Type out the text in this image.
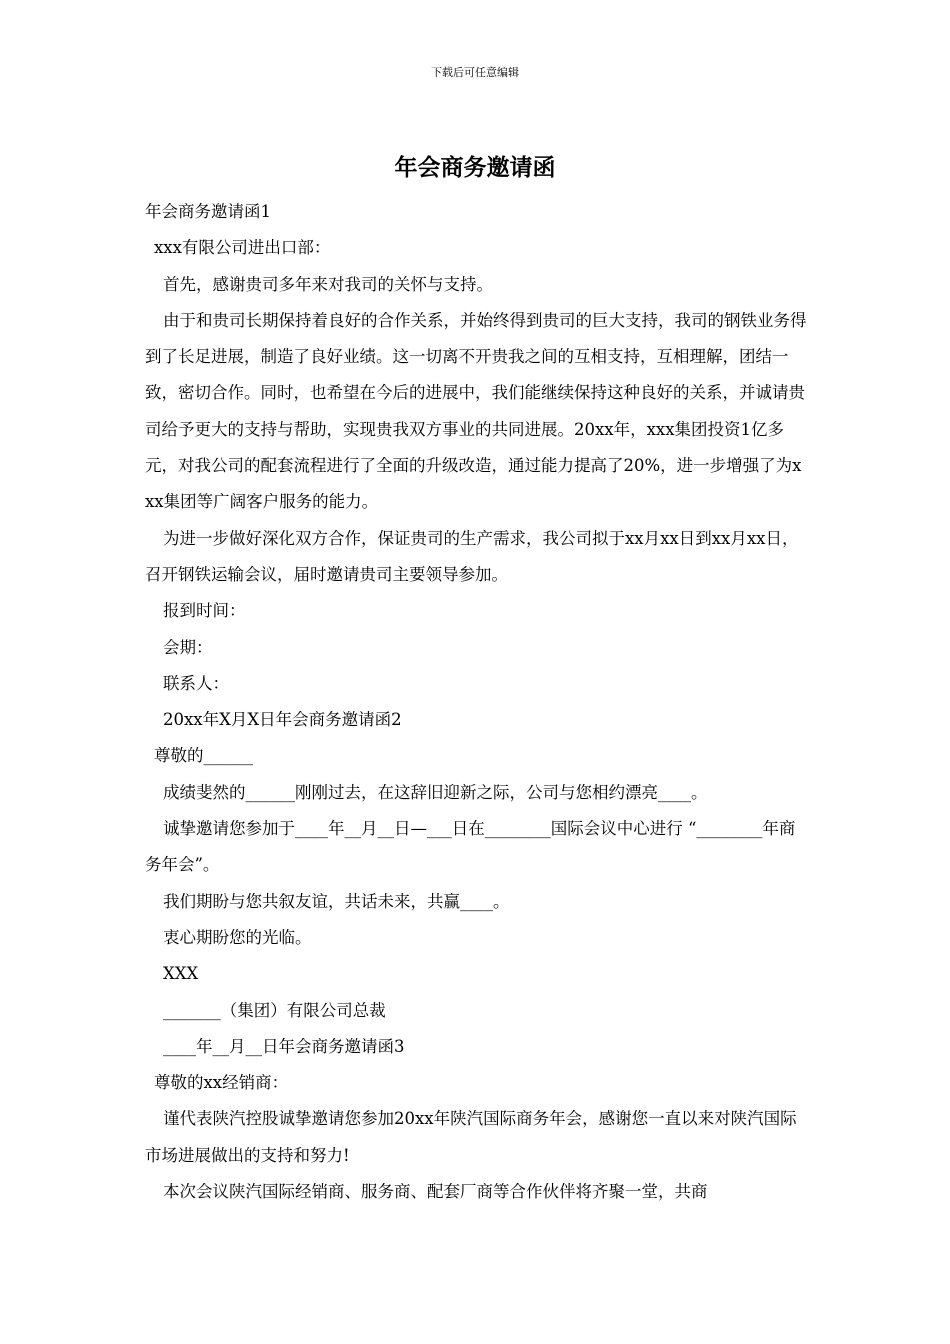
下载后可任意编辑
年会商务邀请函

年会商务邀请函1

xxx有限公司进出口部：

首先，感谢贵司多年来对我司的关怀与支持。

由于和贵司长期保持着良好的合作关系，并始终得到贵司的巨大支持，我司的钢铁业务得到了长足进展，制造了良好业绩。这一切离不开贵我之间的互相支持，互相理解，团结一致，密切合作。同时，也希望在今后的进展中，我们能继续保持这种良好的关系，并诚请贵司给予更大的支持与帮助，实现贵我双方事业的共同进展。20xx年，xxx集团投资1亿多元，对我公司的配套流程进行了全面的升级改造，通过能力提高了20%，进一步增强了为xxx集团等广阔客户服务的能力。

为进一步做好深化双方合作，保证贵司的生产需求，我公司拟于xx月xx日到xx月xx日，召开钢铁运输会议，届时邀请贵司主要领导参加。

报到时间：

会期：

联系人：

20xx年X月X日年会商务邀请函2

尊敬的______

成绩斐然的______刚刚过去，在这辞旧迎新之际，公司与您相约漂亮____。

诚挚邀请您参加于____年__月__日—___日在________国际会议中心进行 “________年商务年会”。

我们期盼与您共叙友谊，共话未来，共赢____。

衷心期盼您的光临。

XXX

_______（集团）有限公司总裁

____年__月__日年会商务邀请函3

尊敬的xx经销商：

谨代表陕汽控股诚挚邀请您参加20xx年陕汽国际商务年会，感谢您一直以来对陕汽国际市场进展做出的支持和努力!

本次会议陕汽国际经销商、服务商、配套厂商等合作伙伴将齐聚一堂，共商
